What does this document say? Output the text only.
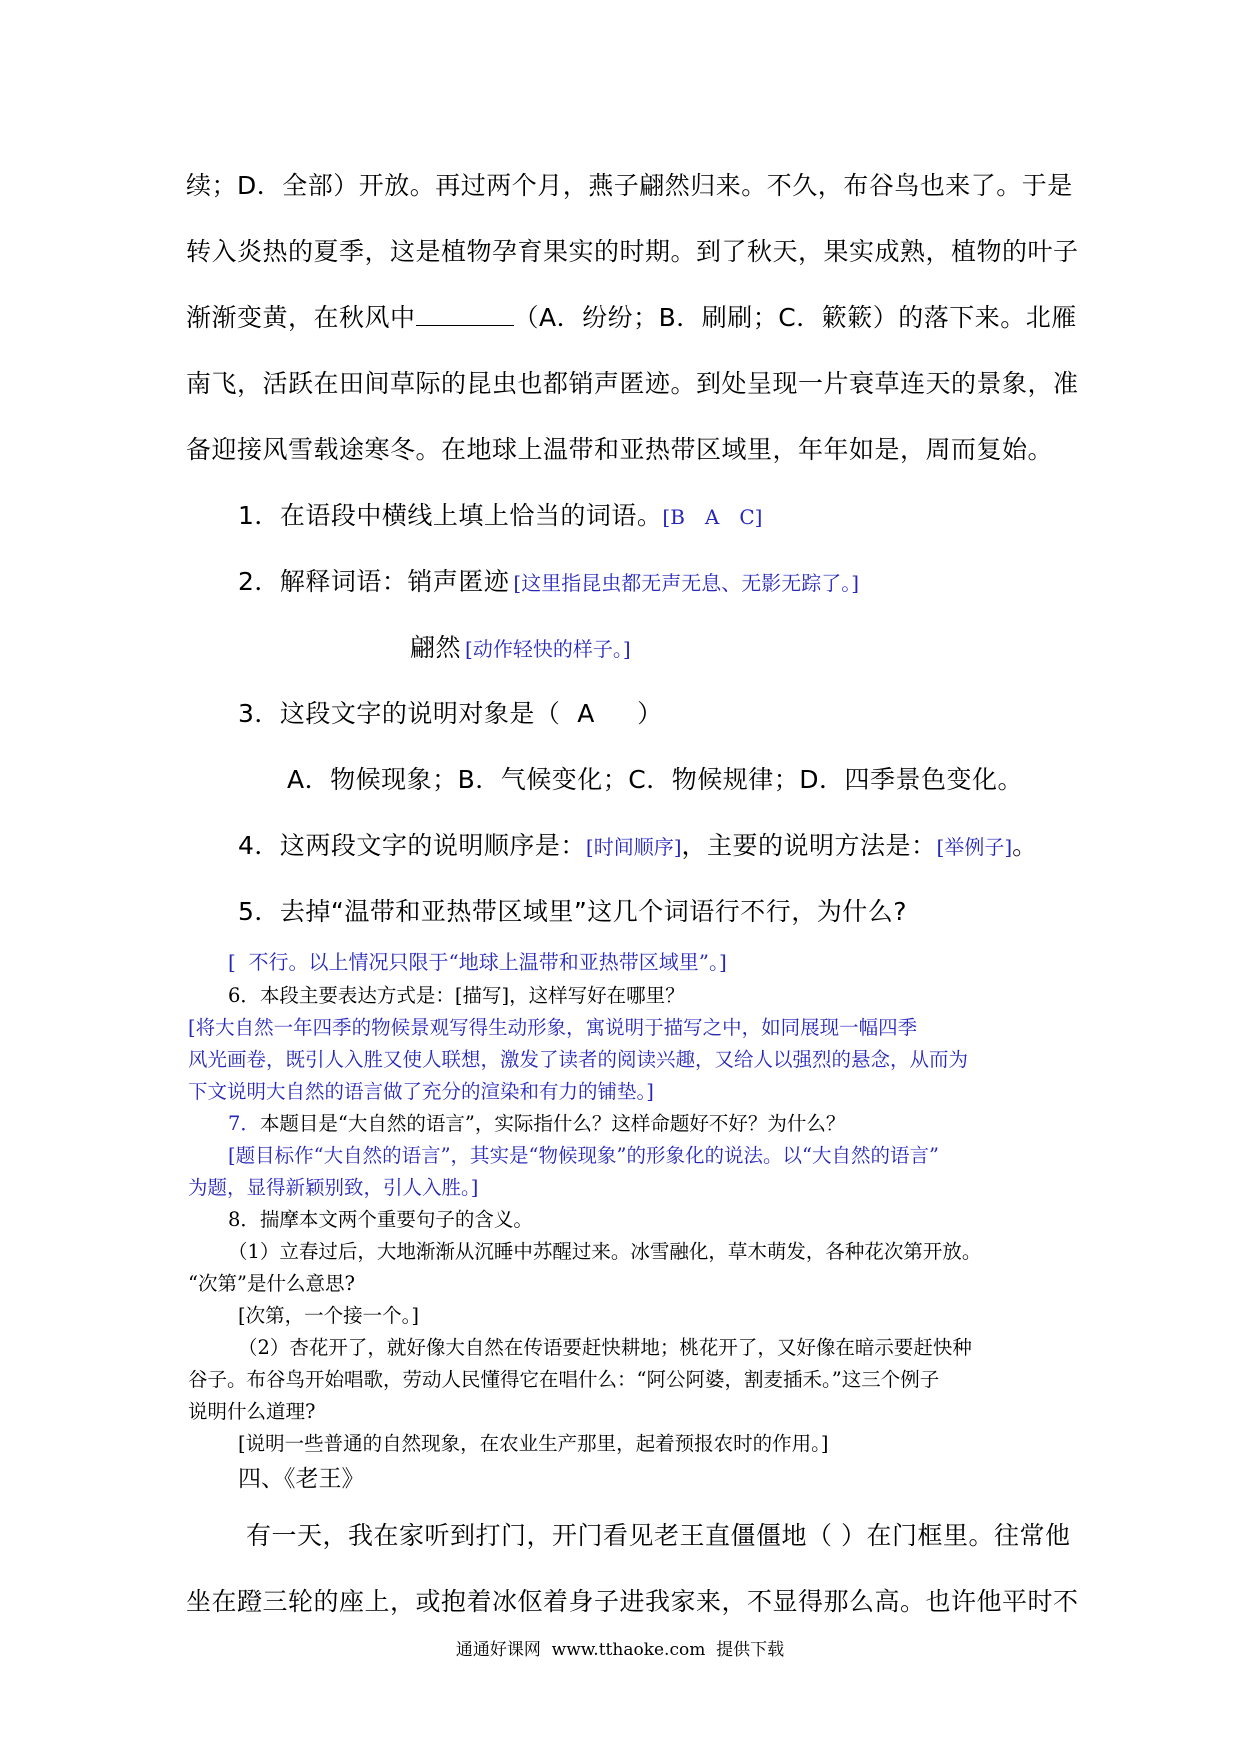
续；D．全部）开放。再过两个月，燕子翩然归来。不久，布谷鸟也来了。于是
转入炎热的夏季，这是植物孕育果实的时期。到了秋天，果实成熟，植物的叶子
渐渐变黄，在秋风中	（A．纷纷；B．刷刷；C．簌簌）的落下来。北雁
南飞，活跃在田间草际的昆虫也都销声匿迹。到处呈现一片衰草连天的景象，准
备迎接风雪载途寒冬。在地球上温带和亚热带区域里，年年如是，周而复始。
1．在语段中横线上填上恰当的词语。[B　A　C]
2．解释词语：销声匿迹 [这里指昆虫都无声无息、无影无踪了。]
翩然 [动作轻快的样子。]
3．这段文字的说明对象是（  A     ）
A．物候现象；B．气候变化；C．物候规律；D．四季景色变化。
4．这两段文字的说明顺序是：[时间顺序]，主要的说明方法是：[举例子]。
5．去掉“温带和亚热带区域里”这几个词语行不行，为什么?
[  不行。以上情况只限于“地球上温带和亚热带区域里”。]
6．本段主要表达方式是：[描写]，这样写好在哪里？
[将大自然一年四季的物候景观写得生动形象，寓说明于描写之中，如同展现一幅四季
风光画卷，既引人入胜又使人联想，激发了读者的阅读兴趣，又给人以强烈的悬念，从而为
下文说明大自然的语言做了充分的渲染和有力的铺垫。]
7．本题目是“大自然的语言”，实际指什么？这样命题好不好？为什么？
[题目标作“大自然的语言”，其实是“物候现象”的形象化的说法。以“大自然的语言”
为题，显得新颖别致，引人入胜。]
8．揣摩本文两个重要句子的含义。
（1）立春过后，大地渐渐从沉睡中苏醒过来。冰雪融化，草木萌发，各种花次第开放。
“次第”是什么意思?
[次第，一个接一个。]
（2）杏花开了，就好像大自然在传语要赶快耕地；桃花开了，又好像在暗示要赶快种
谷子。布谷鸟开始唱歌，劳动人民懂得它在唱什么：“阿公阿婆，割麦插禾。”这三个例子
说明什么道理?
[说明一些普通的自然现象，在农业生产那里，起着预报农时的作用。]
四、《老王》
有一天，我在家听到打门，开门看见老王直僵僵地（ ）在门框里。往常他
坐在蹬三轮的座上，或抱着冰伛着身子进我家来，不显得那么高。也许他平时不
通通好课网  www.tthaoke.com  提供下载
